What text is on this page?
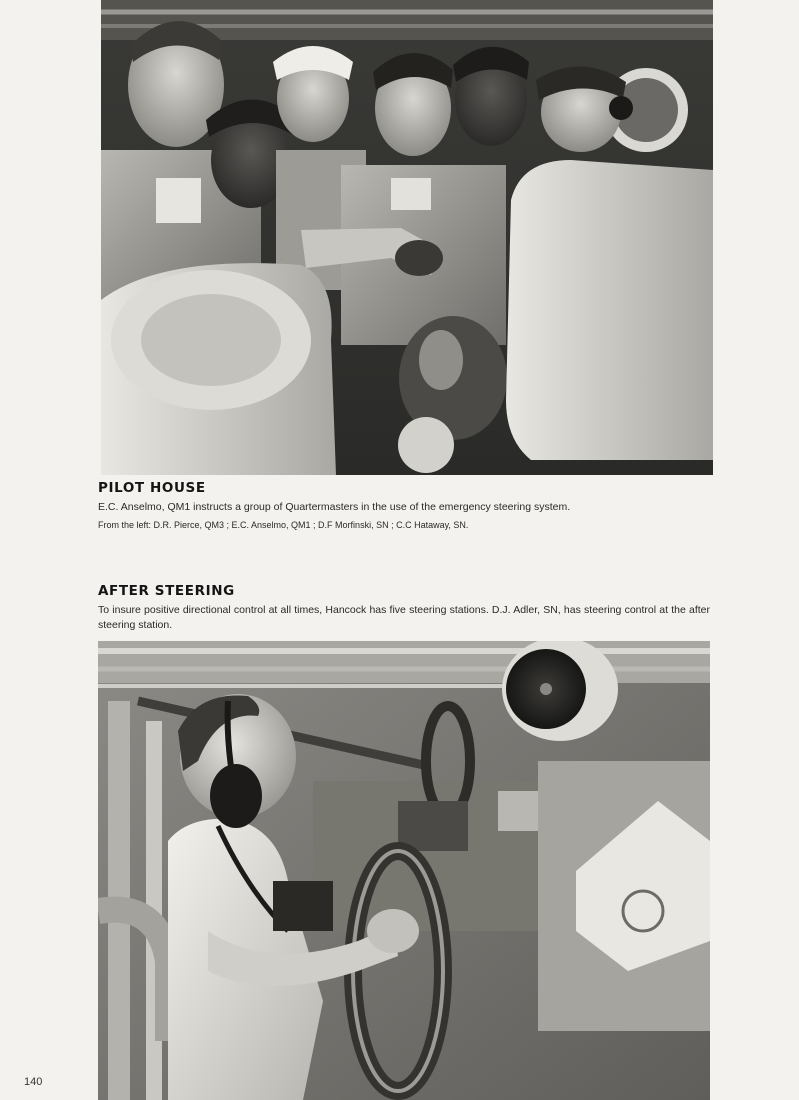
PILOT HOUSE

E.C. Anselmo, QM1 instructs a group of Quartermasters in the use of the emergency steering system.

From the left: D.R. Pierce, QM3 ; E.C. Anselmo, QM1 ; D.F Morfinski, SN ; C.C Hataway, SN.

AFTER STEERING

To insure positive directional control at all times, Hancock has five steering stations. D.J. Adler, SN, has steering control at the after steering station.

140
